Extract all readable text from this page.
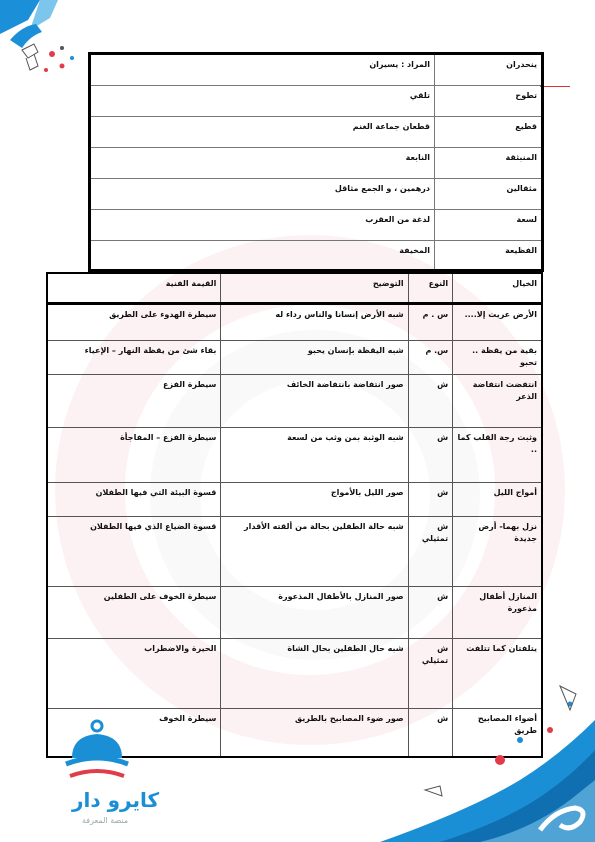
ينحدران	المراد : يسيران
تطوح	تلقي
قطيع	قطعان جماعة الغنم
المنبثقة	النابعة
مثقالين	درهمين ، و الجمع مثاقل
لسعة	لدغة من العقرب
الفظيعة	المخيفة
الخيال	النوع	التوضيح	القيمة الفنية
الأرض عريت إلا....	س . م	شبه الأرض إنسانا والناس رداء له	سيطرة الهدوء على الطريق
بقية من يقظة .. تحبو	س. م	شبه اليقظة بإنسان يحبو	بقاء شئ من يقظة النهار – الإعياء
انتفضت انتفاضة الذعر	ش	صور انتفاضة بانتفاضة الخائف	سيطرة الفزع
وثبت رجة القلب كما ..	ش	شبه الوثبة بمن وثب من لسعة	سيطرة الفزع – المفاجأة
أمواج الليل	ش	صور الليل بالأمواج	قسوة البيئة التي فيها الطفلان
نزل بهما- أرض جديدة	ش تمثيلي	شبه حالة الطفلين بحالة من ألقته الأقدار	قسوة الضياع الذي فيها الطفلان
المنازل أطفال مذعورة	ش	صور المنازل بالأطفال المذعورة	سيطرة الخوف على الطفلين
يتلفتان كما تتلفت	ش تمثيلي	شبه حال الطفلين بحال الشاة	الحيرة والاضطراب
أضواء المصابيح طريق	ش	صور ضوء المصابيح بالطريق	سيطرة الخوف
كايرو دار
منصة المعرفة
